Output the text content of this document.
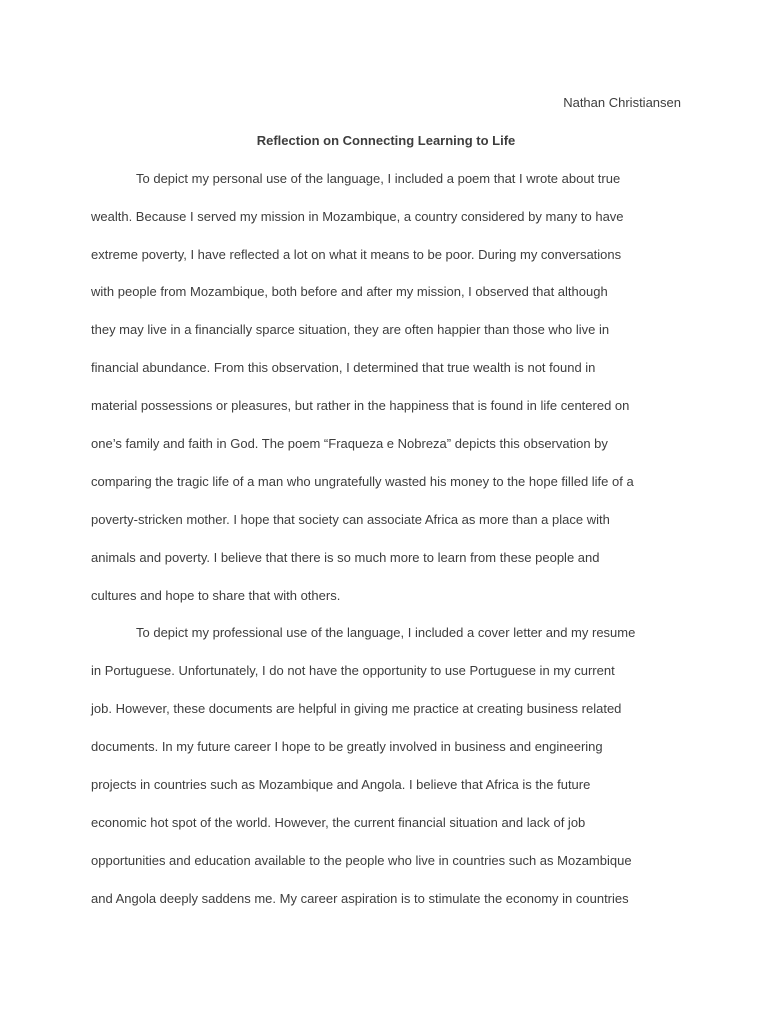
Nathan Christiansen
Reflection on Connecting Learning to Life
To depict my personal use of the language, I included a poem that I wrote about true
wealth. Because I served my mission in Mozambique, a country considered by many to have
extreme poverty, I have reflected a lot on what it means to be poor. During my conversations
with people from Mozambique, both before and after my mission, I observed that although
they may live in a financially sparce situation, they are often happier than those who live in
financial abundance. From this observation, I determined that true wealth is not found in
material possessions or pleasures, but rather in the happiness that is found in life centered on
one’s family and faith in God. The poem “Fraqueza e Nobreza” depicts this observation by
comparing the tragic life of a man who ungratefully wasted his money to the hope filled life of a
poverty-stricken mother. I hope that society can associate Africa as more than a place with
animals and poverty. I believe that there is so much more to learn from these people and
cultures and hope to share that with others.
To depict my professional use of the language, I included a cover letter and my resume
in Portuguese. Unfortunately, I do not have the opportunity to use Portuguese in my current
job. However, these documents are helpful in giving me practice at creating business related
documents. In my future career I hope to be greatly involved in business and engineering
projects in countries such as Mozambique and Angola. I believe that Africa is the future
economic hot spot of the world. However, the current financial situation and lack of job
opportunities and education available to the people who live in countries such as Mozambique
and Angola deeply saddens me. My career aspiration is to stimulate the economy in countries
